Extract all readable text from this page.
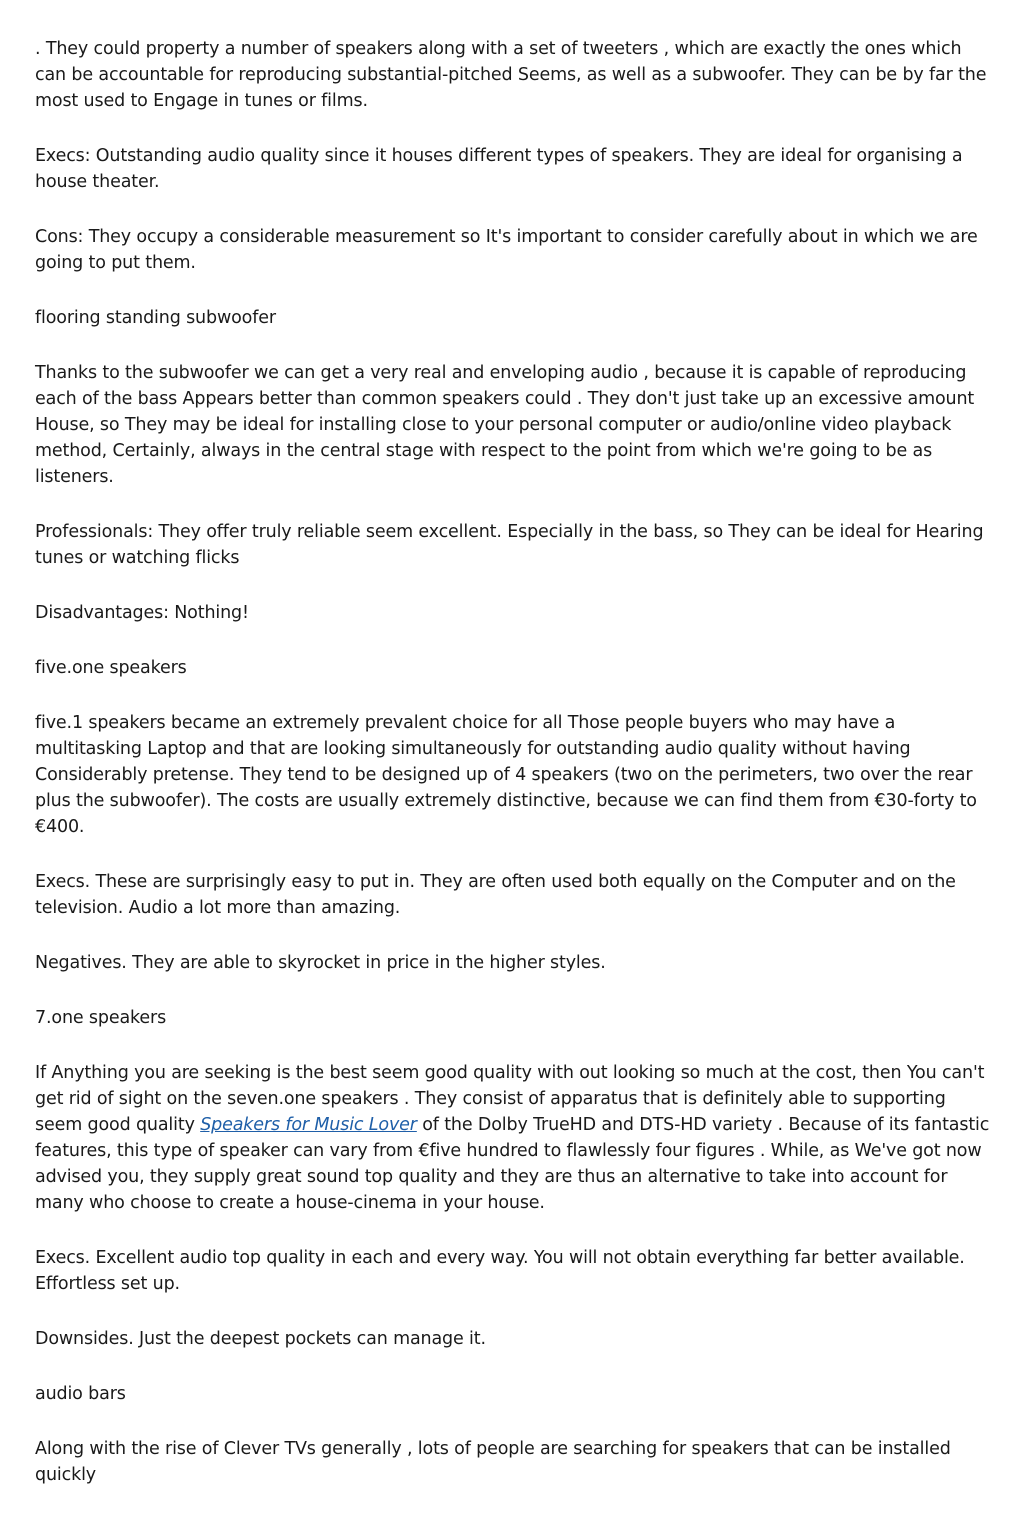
. They could property a number of speakers along with a set of tweeters , which are exactly the ones which can be accountable for reproducing substantial-pitched Seems, as well as a subwoofer. They can be by far the most used to Engage in tunes or films.

Execs: Outstanding audio quality since it houses different types of speakers. They are ideal for organising a house theater.

Cons: They occupy a considerable measurement so It's important to consider carefully about in which we are going to put them.

flooring standing subwoofer

Thanks to the subwoofer we can get a very real and enveloping audio , because it is capable of reproducing each of the bass Appears better than common speakers could . They don't just take up an excessive amount House, so They may be ideal for installing close to your personal computer or audio/online video playback method, Certainly, always in the central stage with respect to the point from which we're going to be as listeners.

Professionals: They offer truly reliable seem excellent. Especially in the bass, so They can be ideal for Hearing tunes or watching flicks

Disadvantages: Nothing!

five.one speakers

five.1 speakers became an extremely prevalent choice for all Those people buyers who may have a multitasking Laptop and that are looking simultaneously for outstanding audio quality without having Considerably pretense. They tend to be designed up of 4 speakers (two on the perimeters, two over the rear plus the subwoofer). The costs are usually extremely distinctive, because we can find them from €30-forty to €400.

Execs. These are surprisingly easy to put in. They are often used both equally on the Computer and on the television. Audio a lot more than amazing.

Negatives. They are able to skyrocket in price in the higher styles.

7.one speakers

If Anything you are seeking is the best seem good quality with out looking so much at the cost, then You can't get rid of sight on the seven.one speakers . They consist of apparatus that is definitely able to supporting seem good quality Speakers for Music Lover of the Dolby TrueHD and DTS-HD variety . Because of its fantastic features, this type of speaker can vary from €five hundred to flawlessly four figures . While, as We've got now advised you, they supply great sound top quality and they are thus an alternative to take into account for many who choose to create a house-cinema in your house.

Execs. Excellent audio top quality in each and every way. You will not obtain everything far better available. Effortless set up.

Downsides. Just the deepest pockets can manage it.

audio bars

Along with the rise of Clever TVs generally , lots of people are searching for speakers that can be installed quickly
